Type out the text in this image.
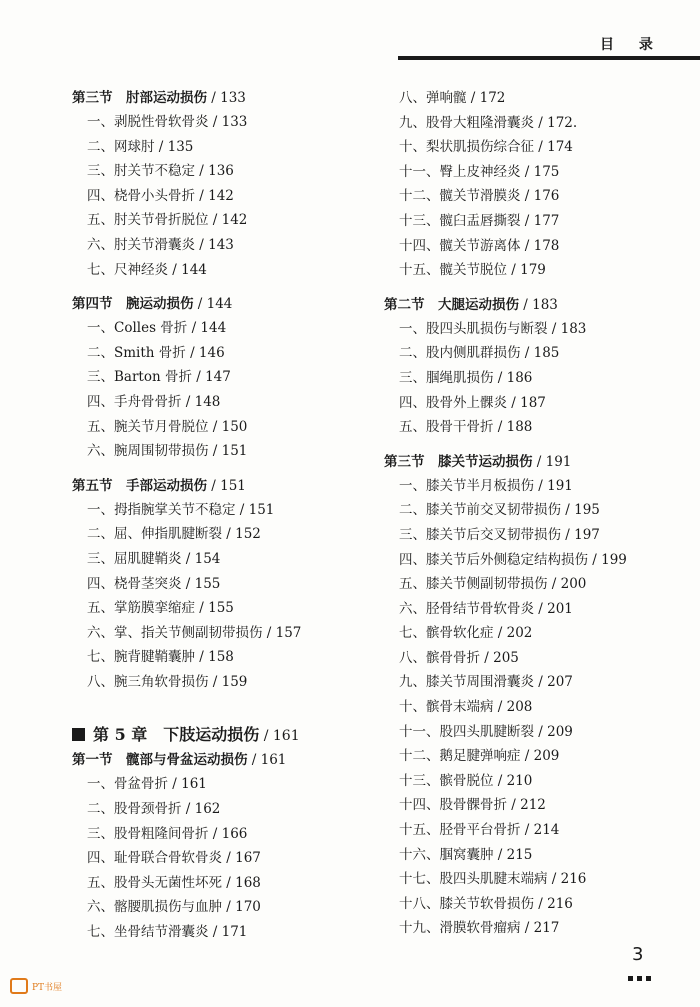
目 录
第三节　肘部运动损伤 / 133
一、剥脱性骨软骨炎 / 133
二、网球肘 / 135
三、肘关节不稳定 / 136
四、桡骨小头骨折 / 142
五、肘关节骨折脱位 / 142
六、肘关节滑囊炎 / 143
七、尺神经炎 / 144
第四节　腕运动损伤 / 144
一、Colles 骨折 / 144
二、Smith 骨折 / 146
三、Barton 骨折 / 147
四、手舟骨骨折 / 148
五、腕关节月骨脱位 / 150
六、腕周围韧带损伤 / 151
第五节　手部运动损伤 / 151
一、拇指腕掌关节不稳定 / 151
二、屈、伸指肌腱断裂 / 152
三、屈肌腱鞘炎 / 154
四、桡骨茎突炎 / 155
五、掌筋膜挛缩症 / 155
六、掌、指关节侧副韧带损伤 / 157
七、腕背腱鞘囊肿 / 158
八、腕三角软骨损伤 / 159
第 5 章　下肢运动损伤 / 161
第一节　髋部与骨盆运动损伤 / 161
一、骨盆骨折 / 161
二、股骨颈骨折 / 162
三、股骨粗隆间骨折 / 166
四、耻骨联合骨软骨炎 / 167
五、股骨头无菌性坏死 / 168
六、髂腰肌损伤与血肿 / 170
七、坐骨结节滑囊炎 / 171
八、弹响髋 / 172
九、股骨大粗隆滑囊炎 / 172.
十、梨状肌损伤综合征 / 174
十一、臀上皮神经炎 / 175
十二、髋关节滑膜炎 / 176
十三、髋臼盂唇撕裂 / 177
十四、髋关节游离体 / 178
十五、髋关节脱位 / 179
第二节　大腿运动损伤 / 183
一、股四头肌损伤与断裂 / 183
二、股内侧肌群损伤 / 185
三、腘绳肌损伤 / 186
四、股骨外上髁炎 / 187
五、股骨干骨折 / 188
第三节　膝关节运动损伤 / 191
一、膝关节半月板损伤 / 191
二、膝关节前交叉韧带损伤 / 195
三、膝关节后交叉韧带损伤 / 197
四、膝关节后外侧稳定结构损伤 / 199
五、膝关节侧副韧带损伤 / 200
六、胫骨结节骨软骨炎 / 201
七、髌骨软化症 / 202
八、髌骨骨折 / 205
九、膝关节周围滑囊炎 / 207
十、髌骨末端病 / 208
十一、股四头肌腱断裂 / 209
十二、鹅足腱弹响症 / 209
十三、髌骨脱位 / 210
十四、股骨髁骨折 / 212
十五、胫骨平台骨折 / 214
十六、腘窝囊肿 / 215
十七、股四头肌腱末端病 / 216
十八、膝关节软骨损伤 / 216
十九、滑膜软骨瘤病 / 217
3
PT书屋
